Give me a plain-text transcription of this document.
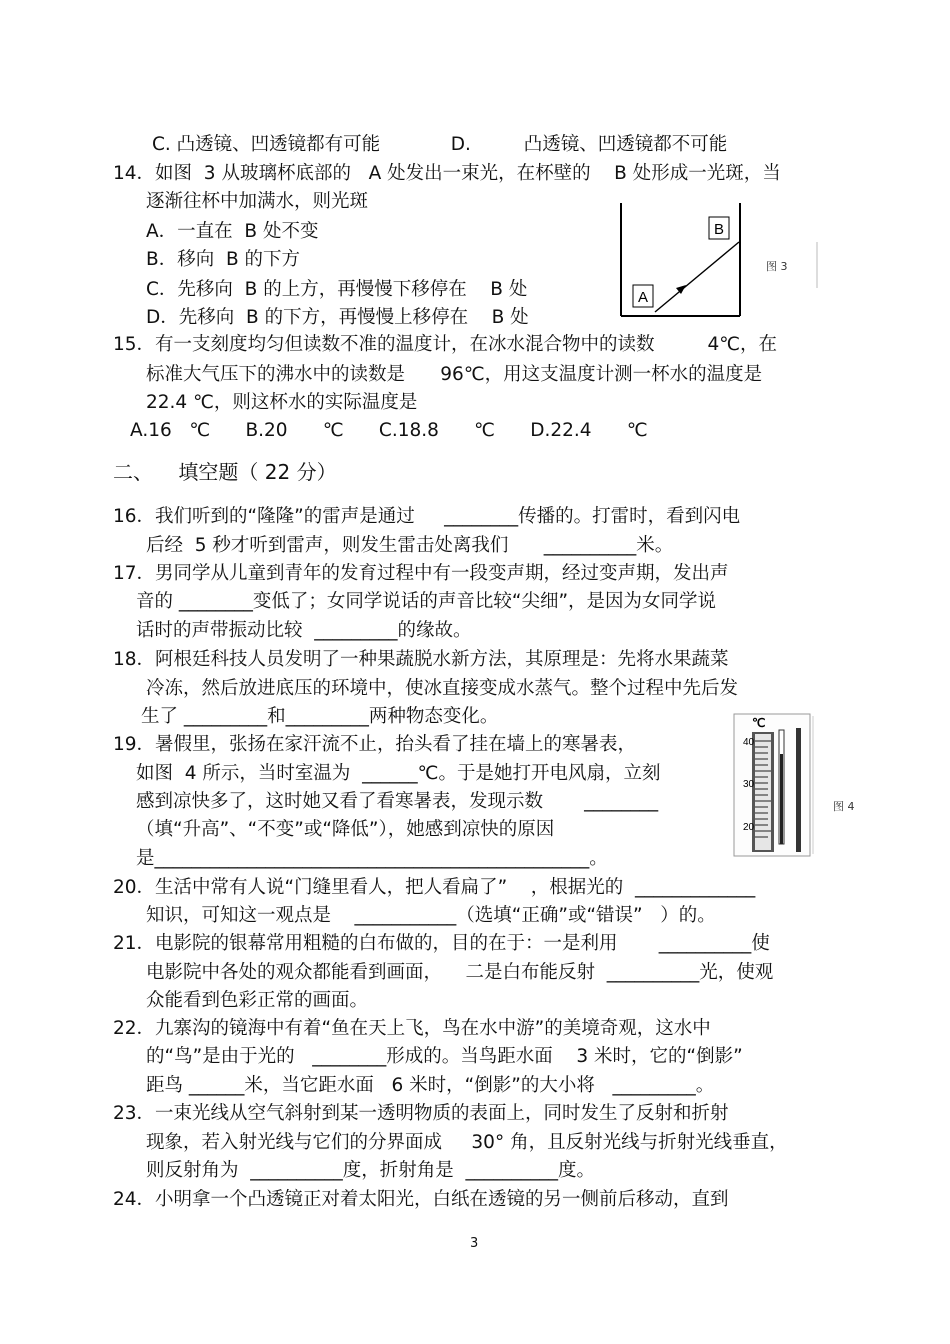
C. 凸透镜、凹透镜都有可能            D.         凸透镜、凹透镜都不可能
14．如图  3 从玻璃杯底部的   A 处发出一束光，在杯壁的    B 处形成一光斑，当
逐渐往杯中加满水，则光斑
A．一直在  B 处不变
B．移向  B 的下方
C．先移向  B 的上方，再慢慢下移停在    B 处
D．先移向  B 的下方，再慢慢上移停在    B 处
A
B
图 3
15．有一支刻度均匀但读数不准的温度计，在冰水混合物中的读数         4℃，在
标准大气压下的沸水中的读数是      96℃，用这支温度计测一杯水的温度是
22.4 ℃，则这杯水的实际温度是
A.16   ℃      B.20      ℃      C.18.8      ℃      D.22.4      ℃
二、    填空题（ 22 分）
16．我们听到的“隆隆”的雷声是通过     ________传播的。打雷时，看到闪电
后经  5 秒才听到雷声，则发生雷击处离我们      __________米。
17．男同学从儿童到青年的发育过程中有一段变声期，经过变声期，发出声
音的 ________变低了；女同学说话的声音比较“尖细”，是因为女同学说
话时的声带振动比较  _________的缘故。
18．阿根廷科技人员发明了一种果蔬脱水新方法，其原理是：先将水果蔬菜
冷冻，然后放进底压的环境中，使冰直接变成水蒸气。整个过程中先后发
生了 _________和_________两种物态变化。
19．暑假里，张扬在家汗流不止，抬头看了挂在墙上的寒暑表，
如图  4 所示，当时室温为  ______℃。于是她打开电风扇，立刻
感到凉快多了，这时她又看了看寒暑表，发现示数       ________
（填“升高”、“不变”或“降低”），她感到凉快的原因
是_______________________________________________。
℃
40
30
20
图 4
20．生活中常有人说“门缝里看人，把人看扁了”    ，根据光的  _____________
知识，可知这一观点是    ___________（选填“正确”或“错误”   ）的。
21．电影院的银幕常用粗糙的白布做的，目的在于：一是利用       __________使
电影院中各处的观众都能看到画面，    二是白布能反射  __________光，使观
众能看到色彩正常的画面。
22．九寨沟的镜海中有着“鱼在天上飞，鸟在水中游”的美境奇观，这水中
的“鸟”是由于光的   ________形成的。当鸟距水面    3 米时，它的“倒影”
距鸟 ______米，当它距水面   6 米时，“倒影”的大小将   _________。
23．一束光线从空气斜射到某一透明物质的表面上，同时发生了反射和折射
现象，若入射光线与它们的分界面成     30° 角，且反射光线与折射光线垂直，
则反射角为  __________度，折射角是  __________度。
24．小明拿一个凸透镜正对着太阳光，白纸在透镜的另一侧前后移动，直到
3
